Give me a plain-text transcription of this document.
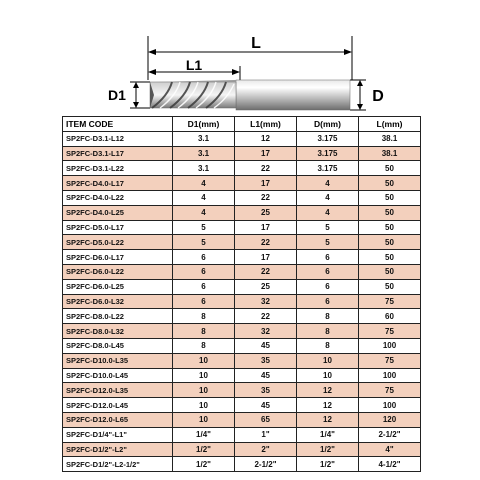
L
L1
D1	D
ITEM CODE	D1(mm)	L1(mm)	D(mm)	L(mm)
SP2FC-D3.1-L12	3.1	12	3.175	38.1
SP2FC-D3.1-L17	3.1	17	3.175	38.1
SP2FC-D3.1-L22	3.1	22	3.175	50
SP2FC-D4.0-L17	4	17	4	50
SP2FC-D4.0-L22	4	22	4	50
SP2FC-D4.0-L25	4	25	4	50
SP2FC-D5.0-L17	5	17	5	50
SP2FC-D5.0-L22	5	22	5	50
SP2FC-D6.0-L17	6	17	6	50
SP2FC-D6.0-L22	6	22	6	50
SP2FC-D6.0-L25	6	25	6	50
SP2FC-D6.0-L32	6	32	6	75
SP2FC-D8.0-L22	8	22	8	60
SP2FC-D8.0-L32	8	32	8	75
SP2FC-D8.0-L45	8	45	8	100
SP2FC-D10.0-L35	10	35	10	75
SP2FC-D10.0-L45	10	45	10	100
SP2FC-D12.0-L35	10	35	12	75
SP2FC-D12.0-L45	10	45	12	100
SP2FC-D12.0-L65	10	65	12	120
SP2FC-D1/4"-L1"	1/4"	1"	1/4"	2-1/2"
SP2FC-D1/2"-L2"	1/2"	2"	1/2"	4"
SP2FC-D1/2"-L2-1/2"	1/2"	2-1/2"	1/2"	4-1/2"
